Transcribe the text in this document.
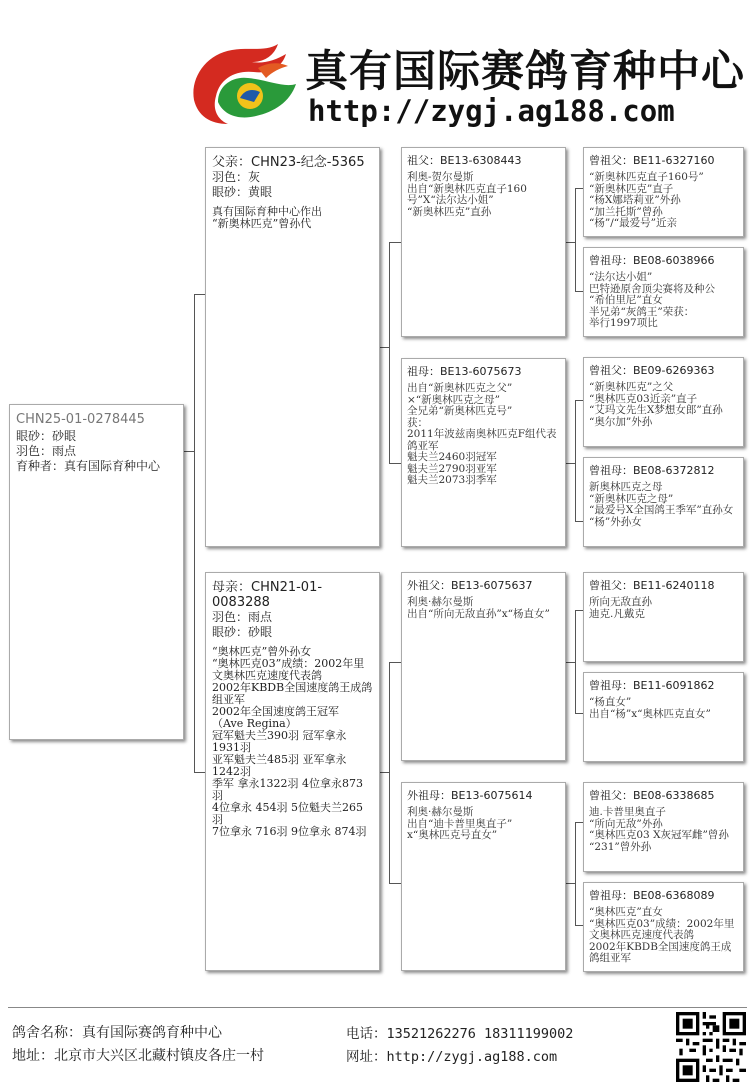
真有国际赛鸽育种中心
http://zygj.ag188.com
CHN25-01-0278445
眼砂：砂眼
羽色：雨点
育种者：真有国际育种中心
父亲：CHN23-纪念-5365
羽色：灰
眼砂：黄眼
真有国际育种中心作出
“新奥林匹克”曾孙代
母亲：CHN21-01-0083288
羽色：雨点
眼砂：砂眼
“奥林匹克”曾外孙女
“奥林匹克03”成绩：2002年里文奥林匹克速度代表鸽
2002年KBDB全国速度鸽王成鸽组亚军
2002年全国速度鸽王冠军
（Ave Regina）
冠军魁夫兰390羽 冠军拿永1931羽
亚军魁夫兰485羽 亚军拿永1242羽
季军 拿永1322羽 4位拿永873羽
4位拿永 454羽 5位魁夫兰265羽
7位拿永 716羽 9位拿永 874羽
祖父：BE13-6308443
利奥-贺尔曼斯
出自“新奥林匹克直子160号”X“法尔达小姐”
“新奥林匹克”直孙
祖母：BE13-6075673
出自“新奥林匹克之父”
×“新奥林匹克之母”
全兄弟“新奥林匹克号”
获：
2011年波兹南奥林匹克F组代表鸽亚军
魁夫兰2460羽冠军
魁夫兰2790羽亚军
魁夫兰2073羽季军
外祖父：BE13-6075637
利奥·赫尔曼斯
出自“所向无敌直孙”x“杨直女”
外祖母：BE13-6075614
利奥·赫尔曼斯
出自“迪卡普里奥直子”
x“奥林匹克号直女”
曾祖父：BE11-6327160
“新奥林匹克直子160号”
“新奥林匹克”直子
“杨X娜塔莉亚”外孙
“加兰托斯”曾孙
“杨”/“最爱号”近亲
曾祖母：BE08-6038966
“法尔达小姐”
巴特逊原舍顶尖赛将及种公
“希伯里尼”直女
半兄弟“灰鸽王”荣获：
举行1997项比
曾祖父：BE09-6269363
“新奥林匹克”之父
“奥林匹克03近亲”直子
“艾玛文先生X梦想女郎”直孙
“奥尔加”外孙
曾祖母：BE08-6372812
新奥林匹克之母
“新奥林匹克之母”
“最爱号X全国鸽王季军”直孙女
“杨”外孙女
曾祖父：BE11-6240118
所向无敌直孙
迪克.凡戴克
曾祖母：BE11-6091862
“杨直女”
出自“杨”x“奥林匹克直女”
曾祖父：BE08-6338685
迪.卡普里奥直子
“所向无敌”外孙
“奥林匹克03 X灰冠军雌”曾孙 “231”曾外孙
曾祖母：BE08-6368089
“奥林匹克”直女
“奥林匹克03”成绩：2002年里文奥林匹克速度代表鸽
2002年KBDB全国速度鸽王成鸽组亚军
鸽舍名称：真有国际赛鸽育种中心
地址：北京市大兴区北藏村镇皮各庄一村
电话：13521262276 18311199002
网址：http://zygj.ag188.com
